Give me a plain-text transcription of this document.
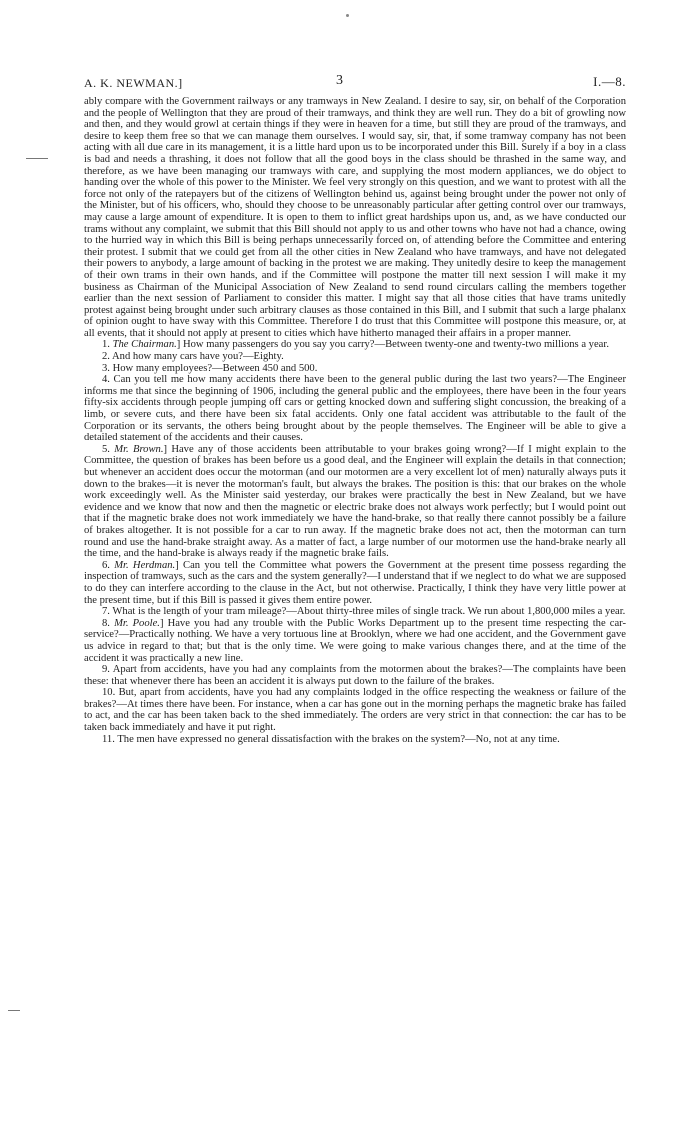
A. K. NEWMAN.]	3	I.—8.

ably compare with the Government railways or any tramways in New Zealand. I desire to say, sir, on behalf of the Corporation and the people of Wellington that they are proud of their tramways, and think they are well run. They do a bit of growling now and then, and they would growl at certain things if they were in heaven for a time, but still they are proud of the tramways, and desire to keep them free so that we can manage them ourselves. I would say, sir, that, if some tramway company has not been acting with all due care in its management, it is a little hard upon us to be incorporated under this Bill. Surely if a boy in a class is bad and needs a thrashing, it does not follow that all the good boys in the class should be thrashed in the same way, and therefore, as we have been managing our tramways with care, and supplying the most modern appliances, we do object to handing over the whole of this power to the Minister. We feel very strongly on this question, and we want to protest with all the force not only of the ratepayers but of the citizens of Wellington behind us, against being brought under the power not only of the Minister, but of his officers, who, should they choose to be unreasonably particular after getting control over our tramways, may cause a large amount of expenditure. It is open to them to inflict great hardships upon us, and, as we have conducted our trams without any complaint, we submit that this Bill should not apply to us and other towns who have not had a chance, owing to the hurried way in which this Bill is being perhaps unnecessarily forced on, of attending before the Committee and entering their protest. I submit that we could get from all the other cities in New Zealand who have tramways, and have not delegated their powers to anybody, a large amount of backing in the protest we are making. They unitedly desire to keep the management of their own trams in their own hands, and if the Committee will postpone the matter till next session I will make it my business as Chairman of the Municipal Association of New Zealand to send round circulars calling the members together earlier than the next session of Parliament to consider this matter. I might say that all those cities that have trams unitedly protest against being brought under such arbitrary clauses as those contained in this Bill, and I submit that such a large phalanx of opinion ought to have sway with this Committee. Therefore I do trust that this Committee will postpone this measure, or, at all events, that it should not apply at present to cities which have hitherto managed their affairs in a proper manner.

1. The Chairman.] How many passengers do you say you carry?—Between twenty-one and twenty-two millions a year.

2. And how many cars have you?—Eighty.

3. How many employees?—Between 450 and 500.

4. Can you tell me how many accidents there have been to the general public during the last two years?—The Engineer informs me that since the beginning of 1906, including the general public and the employees, there have been in the four years fifty-six accidents through people jumping off cars or getting knocked down and suffering slight concussion, the breaking of a limb, or severe cuts, and there have been six fatal accidents. Only one fatal accident was attributable to the fault of the Corporation or its servants, the others being brought about by the people themselves. The Engineer will be able to give a detailed statement of the accidents and their causes.

5. Mr. Brown.] Have any of those accidents been attributable to your brakes going wrong?—If I might explain to the Committee, the question of brakes has been before us a good deal, and the Engineer will explain the details in that connection; but whenever an accident does occur the motorman (and our motormen are a very excellent lot of men) naturally always puts it down to the brakes—it is never the motorman's fault, but always the brakes. The position is this: that our brakes on the whole work exceedingly well. As the Minister said yesterday, our brakes were practically the best in New Zealand, but we have evidence and we know that now and then the magnetic or electric brake does not always work perfectly; but I would point out that if the magnetic brake does not work immediately we have the hand-brake, so that really there cannot possibly be a failure of brakes altogether. It is not possible for a car to run away. If the magnetic brake does not act, then the motorman can turn round and use the hand-brake straight away. As a matter of fact, a large number of our motormen use the hand-brake nearly all the time, and the hand-brake is always ready if the magnetic brake fails.

6. Mr. Herdman.] Can you tell the Committee what powers the Government at the present time possess regarding the inspection of tramways, such as the cars and the system generally?—I understand that if we neglect to do what we are supposed to do they can interfere according to the clause in the Act, but not otherwise. Practically, I think they have very little power at the present time, but if this Bill is passed it gives them entire power.

7. What is the length of your tram mileage?—About thirty-three miles of single track. We run about 1,800,000 miles a year.

8. Mr. Poole.] Have you had any trouble with the Public Works Department up to the present time respecting the car-service?—Practically nothing. We have a very tortuous line at Brooklyn, where we had one accident, and the Government gave us advice in regard to that; but that is the only time. We were going to make various changes there, and at the time of the accident it was practically a new line.

9. Apart from accidents, have you had any complaints from the motormen about the brakes?—The complaints have been these: that whenever there has been an accident it is always put down to the failure of the brakes.

10. But, apart from accidents, have you had any complaints lodged in the office respecting the weakness or failure of the brakes?—At times there have been. For instance, when a car has gone out in the morning perhaps the magnetic brake has failed to act, and the car has been taken back to the shed immediately. The orders are very strict in that connection: the car has to be taken back immediately and have it put right.

11. The men have expressed no general dissatisfaction with the brakes on the system?—No, not at any time.
